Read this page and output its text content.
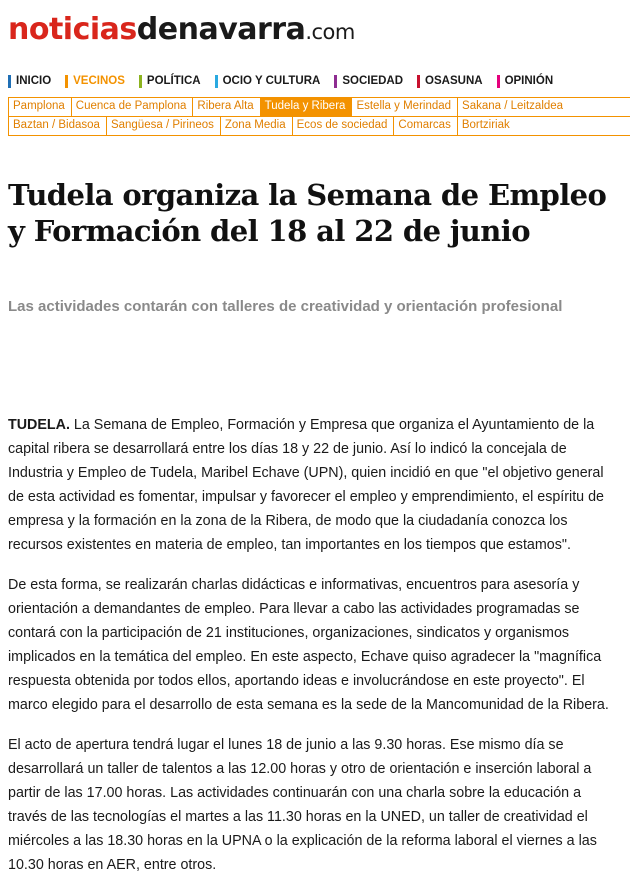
noticiasdenavarra.com
INICIO VECINOS POLÍTICA OCIO Y CULTURA SOCIEDAD OSASUNA OPINIÓN
Pamplona Cuenca de Pamplona Ribera Alta Tudela y Ribera Estella y Merindad Sakana / Leitzaldea
Baztan / Bidasoa Sangüesa / Pirineos Zona Media Ecos de sociedad Comarcas Bortziriak
Tudela organiza la Semana de Empleo y Formación del 18 al 22 de junio
Las actividades contarán con talleres de creatividad y orientación profesional

TUDELA. La Semana de Empleo, Formación y Empresa que organiza el Ayuntamiento de la capital ribera se desarrollará entre los días 18 y 22 de junio. Así lo indicó la concejala de Industria y Empleo de Tudela, Maribel Echave (UPN), quien incidió en que "el objetivo general de esta actividad es fomentar, impulsar y favorecer el empleo y emprendimiento, el espíritu de empresa y la formación en la zona de la Ribera, de modo que la ciudadanía conozca los recursos existentes en materia de empleo, tan importantes en los tiempos que estamos".

De esta forma, se realizarán charlas didácticas e informativas, encuentros para asesoría y orientación a demandantes de empleo. Para llevar a cabo las actividades programadas se contará con la participación de 21 instituciones, organizaciones, sindicatos y organismos implicados en la temática del empleo. En este aspecto, Echave quiso agradecer la "magnífica respuesta obtenida por todos ellos, aportando ideas e involucrándose en este proyecto". El marco elegido para el desarrollo de esta semana es la sede de la Mancomunidad de la Ribera.

El acto de apertura tendrá lugar el lunes 18 de junio a las 9.30 horas. Ese mismo día se desarrollará un taller de talentos a las 12.00 horas y otro de orientación e inserción laboral a partir de las 17.00 horas. Las actividades continuarán con una charla sobre la educación a través de las tecnologías el martes a las 11.30 horas en la UNED, un taller de creatividad el miércoles a las 18.30 horas en la UPNA o la explicación de la reforma laboral el viernes a las 10.30 horas en AER, entre otros.
